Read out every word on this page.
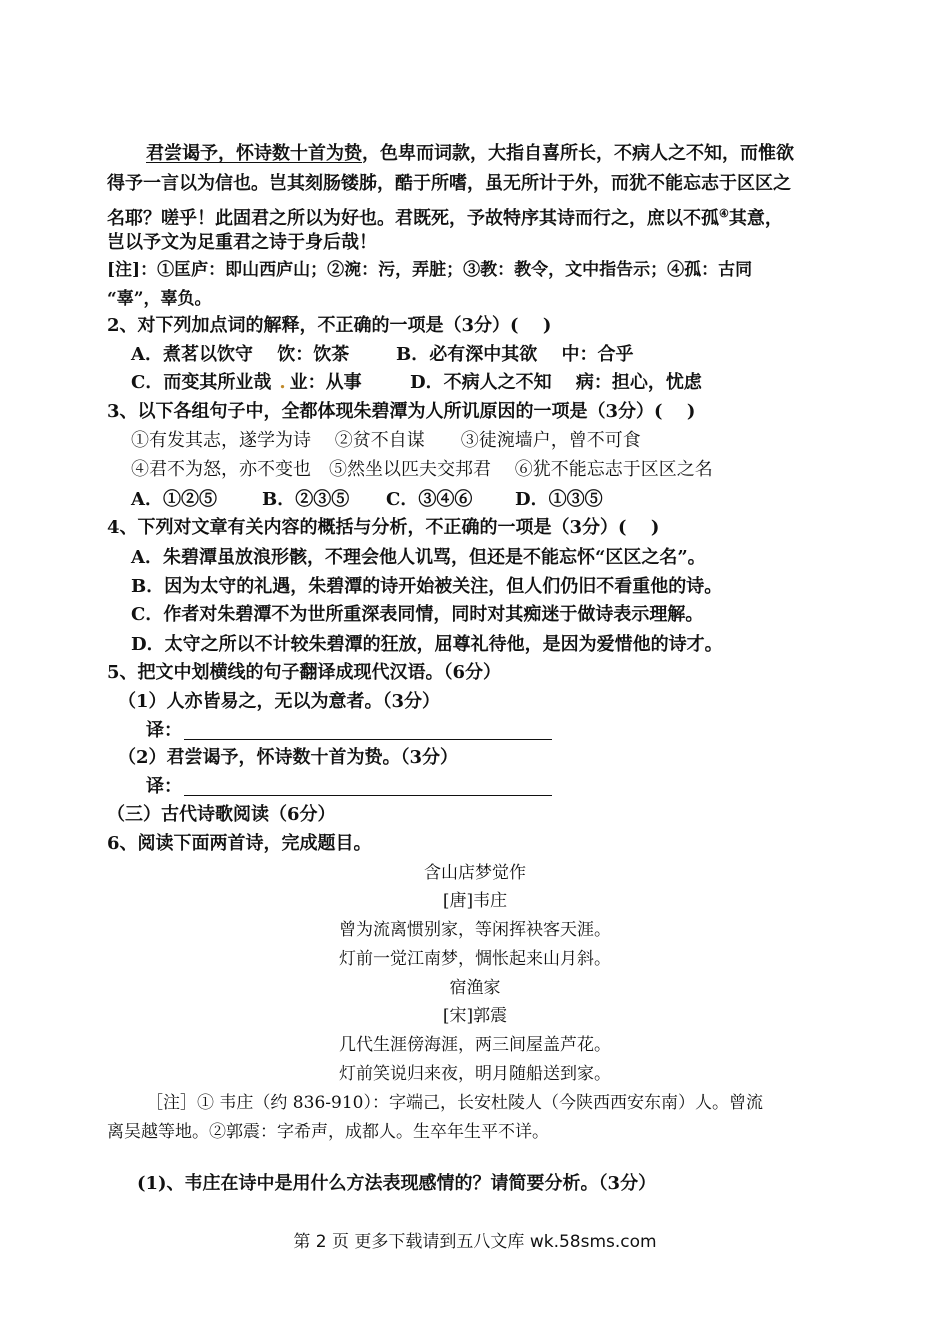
君尝谒予，怀诗数十首为贽，色卑而词款，大指自喜所长，不病人之不知，而惟欲
得予一言以为信也。岂其刻肠镂胏，酷于所嗜，虽无所计于外，而犹不能忘志于区区之
名耶？嗟乎！此固君之所以为好也。君既死，予故特序其诗而行之，庶以不孤④其意，
岂以予文为足重君之诗于身后哉！
[注]：①匡庐：即山西庐山；②涴：污，弄脏；③教：教令，文中指告示；④孤：古同
“辜”，辜负。
2、对下列加点词的解释，不正确的一项是（3分）(　 )
A．煮茗以饮守　 饮：饮茶	B．必有深中其欲　 中：合乎
C．而变其所业哉 . 业：从事	D．不病人之不知　 病：担心，忧虑
3、以下各组句子中，全都体现朱碧潭为人所讥原因的一项是（3分）(　 )
①有发其志，遂学为诗　 ②贫不自谋　　③徒涴墙户，曾不可食
④君不为怒，亦不变也　⑤然坐以匹夫交邦君　 ⑥犹不能忘志于区区之名
A．①②⑤	B．②③⑤ C．③④⑥ D．①③⑤
4、下列对文章有关内容的概括与分析，不正确的一项是（3分）(　 )
A．朱碧潭虽放浪形骸，不理会他人讥骂，但还是不能忘怀“区区之名”。
B．因为太守的礼遇，朱碧潭的诗开始被关注，但人们仍旧不看重他的诗。
C．作者对朱碧潭不为世所重深表同情，同时对其痴迷于做诗表示理解。
D．太守之所以不计较朱碧潭的狂放，屈尊礼待他，是因为爱惜他的诗才。
5、把文中划横线的句子翻译成现代汉语。（6分）
（1）人亦皆易之，无以为意者。（3分）
译：
（2）君尝谒予，怀诗数十首为贽。（3分）
译：
（三）古代诗歌阅读（6分）
6、阅读下面两首诗，完成题目。
含山店梦觉作
[唐]韦庄
曾为流离惯别家，等闲挥袂客天涯。
灯前一觉江南梦，惆怅起来山月斜。
宿渔家
[宋]郭震
几代生涯傍海涯，两三间屋盖芦花。
灯前笑说归来夜，明月随船送到家。
［注］① 韦庄（约 836-910）：字端己，长安杜陵人（今陕西西安东南）人。曾流
离吴越等地。②郭震：字希声，成都人。生卒年生平不详。
(1)、韦庄在诗中是用什么方法表现感情的？请简要分析。（3分）
第 2 页 更多下载请到五八文库 wk.58sms.com
